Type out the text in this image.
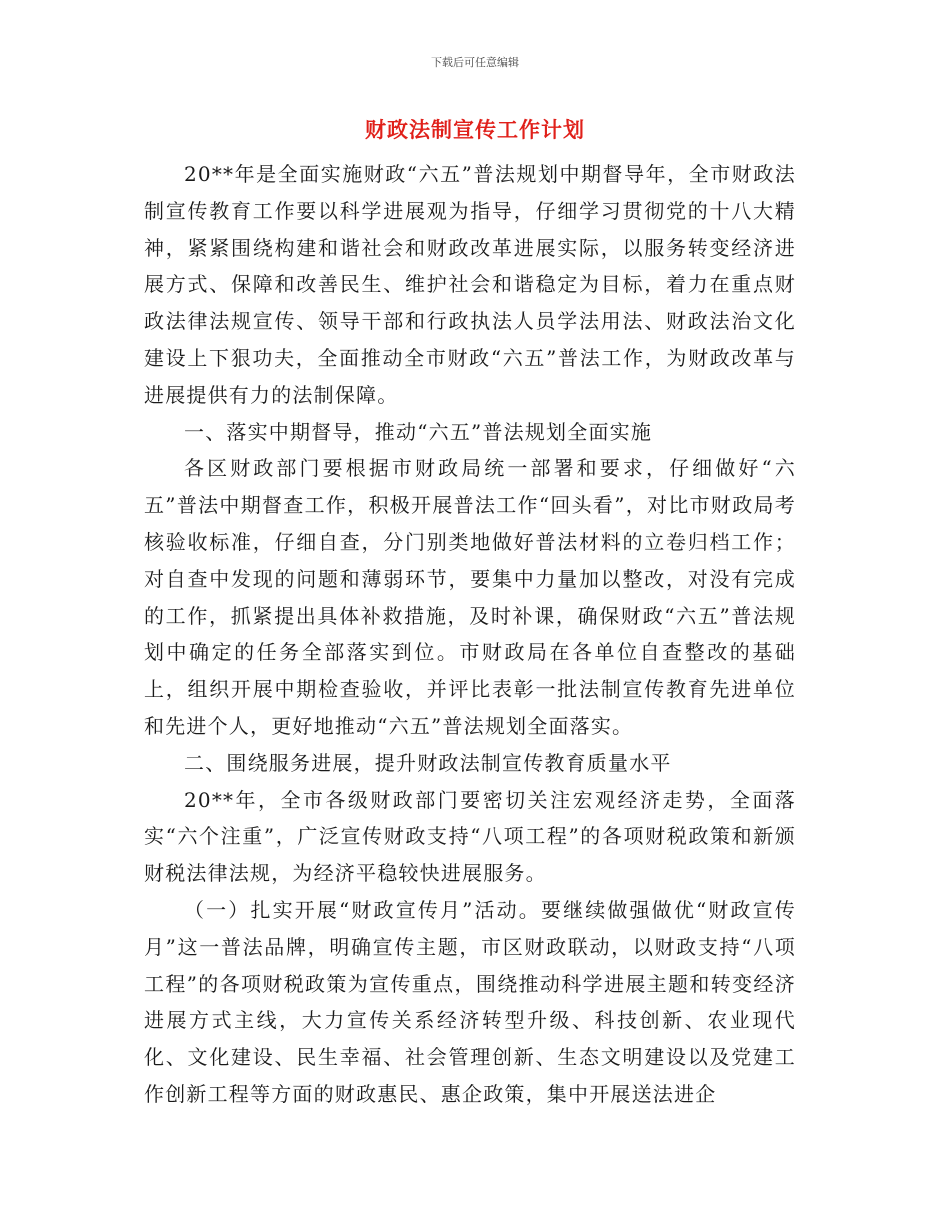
下载后可任意编辑
财政法制宣传工作计划

20**年是全面实施财政“六五”普法规划中期督导年，全市财政法制宣传教育工作要以科学进展观为指导，仔细学习贯彻党的十八大精神，紧紧围绕构建和谐社会和财政改革进展实际，以服务转变经济进展方式、保障和改善民生、维护社会和谐稳定为目标，着力在重点财政法律法规宣传、领导干部和行政执法人员学法用法、财政法治文化建设上下狠功夫，全面推动全市财政“六五”普法工作，为财政改革与进展提供有力的法制保障。

一、落实中期督导，推动“六五”普法规划全面实施

各区财政部门要根据市财政局统一部署和要求，仔细做好“六五”普法中期督查工作，积极开展普法工作“回头看”，对比市财政局考核验收标准，仔细自查，分门别类地做好普法材料的立卷归档工作；对自查中发现的问题和薄弱环节，要集中力量加以整改，对没有完成的工作，抓紧提出具体补救措施，及时补课，确保财政“六五”普法规划中确定的任务全部落实到位。市财政局在各单位自查整改的基础上，组织开展中期检查验收，并评比表彰一批法制宣传教育先进单位和先进个人，更好地推动“六五”普法规划全面落实。

二、围绕服务进展，提升财政法制宣传教育质量水平

20**年，全市各级财政部门要密切关注宏观经济走势，全面落实“六个注重”，广泛宣传财政支持“八项工程”的各项财税政策和新颁财税法律法规，为经济平稳较快进展服务。

（一）扎实开展“财政宣传月”活动。要继续做强做优“财政宣传月”这一普法品牌，明确宣传主题，市区财政联动，以财政支持“八项工程”的各项财税政策为宣传重点，围绕推动科学进展主题和转变经济进展方式主线，大力宣传关系经济转型升级、科技创新、农业现代化、文化建设、民生幸福、社会管理创新、生态文明建设以及党建工作创新工程等方面的财政惠民、惠企政策，集中开展送法进企
